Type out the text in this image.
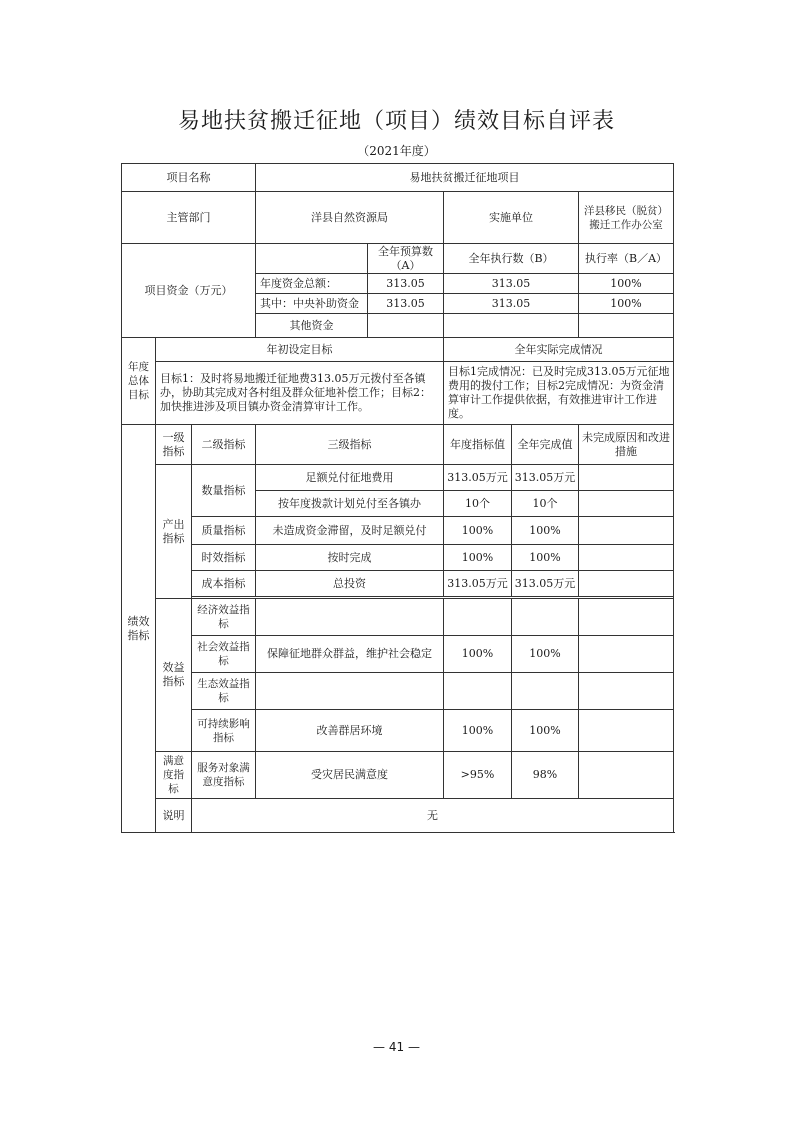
易地扶贫搬迁征地（项目）绩效目标自评表
（2021年度）
项目名称			易地扶贫搬迁征地项目				
主管部门			洋县自然资源局		实施单位		洋县移民（脱贫）搬迁工作办公室
项目资金（万元）				全年预算数（A）	全年执行数（B）		执行率（B／A）
			年度资金总额：	313.05	313.05		100%
			其中：中央补助资金	313.05	313.05		100%
			其他资金				
年度总体目标	年初设定目标				全年实际完成情况		
	目标1：及时将易地搬迁征地费313.05万元拨付至各镇办，协助其完成对各村组及群众征地补偿工作；目标2：加快推进涉及项目镇办资金清算审计工作。				目标1完成情况：已及时完成313.05万元征地费用的拨付工作；目标2完成情况：为资金清算审计工作提供依据，有效推进审计工作进度。		
绩效指标	一级指标	二级指标	三级指标		年度指标值	全年完成值	未完成原因和改进措施
	产出指标	数量指标	足额兑付征地费用		313.05万元	313.05万元	
			按年度拨款计划兑付至各镇办		10个	10个	
		质量指标	未造成资金滞留，及时足额兑付		100%	100%	
		时效指标	按时完成		100%	100%	
		成本指标	总投资		313.05万元	313.05万元	

	效益指标	经济效益指标					
		社会效益指标	保障征地群众群益，维护社会稳定		100%	100%	
		生态效益指标					
		可持续影响指标	改善群居环境		100%	100%	
	满意度指标	服务对象满意度指标	受灾居民满意度		>95%	98%	
	说明	无					
— 41 —
